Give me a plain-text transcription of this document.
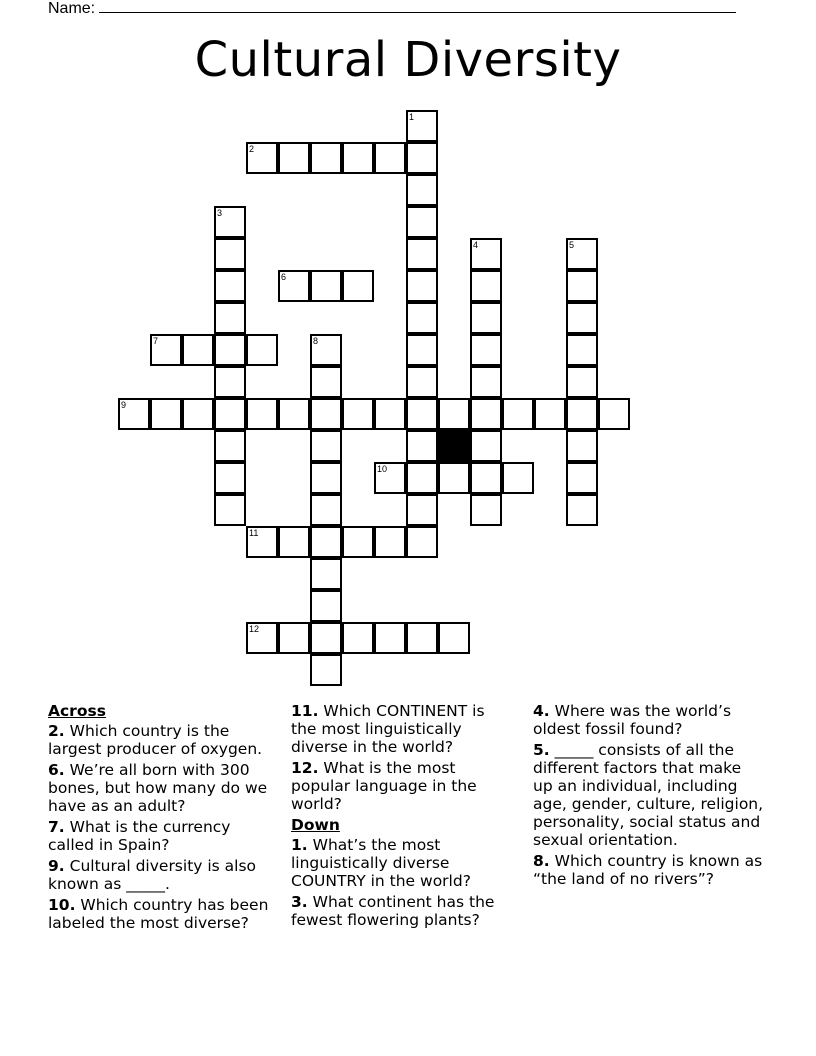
Name:
Cultural Diversity
1
2
3
4	5
6
7	8
9
10
11
12
Across
2. Which country is the largest producer of oxygen.
6. We’re all born with 300 bones, but how many do we have as an adult?
7. What is the currency called in Spain?
9. Cultural diversity is also known as _____.
10. Which country has been labeled the most diverse?
11. Which CONTINENT is the most linguistically diverse in the world?
12. What is the most popular language in the world?
Down
1. What’s the most linguistically diverse COUNTRY in the world?
3. What continent has the fewest flowering plants?
4. Where was the world’s oldest fossil found?
5. _____ consists of all the different factors that make up an individual, including age, gender, culture, religion, personality, social status and sexual orientation.
8. Which country is known as “the land of no rivers”?
